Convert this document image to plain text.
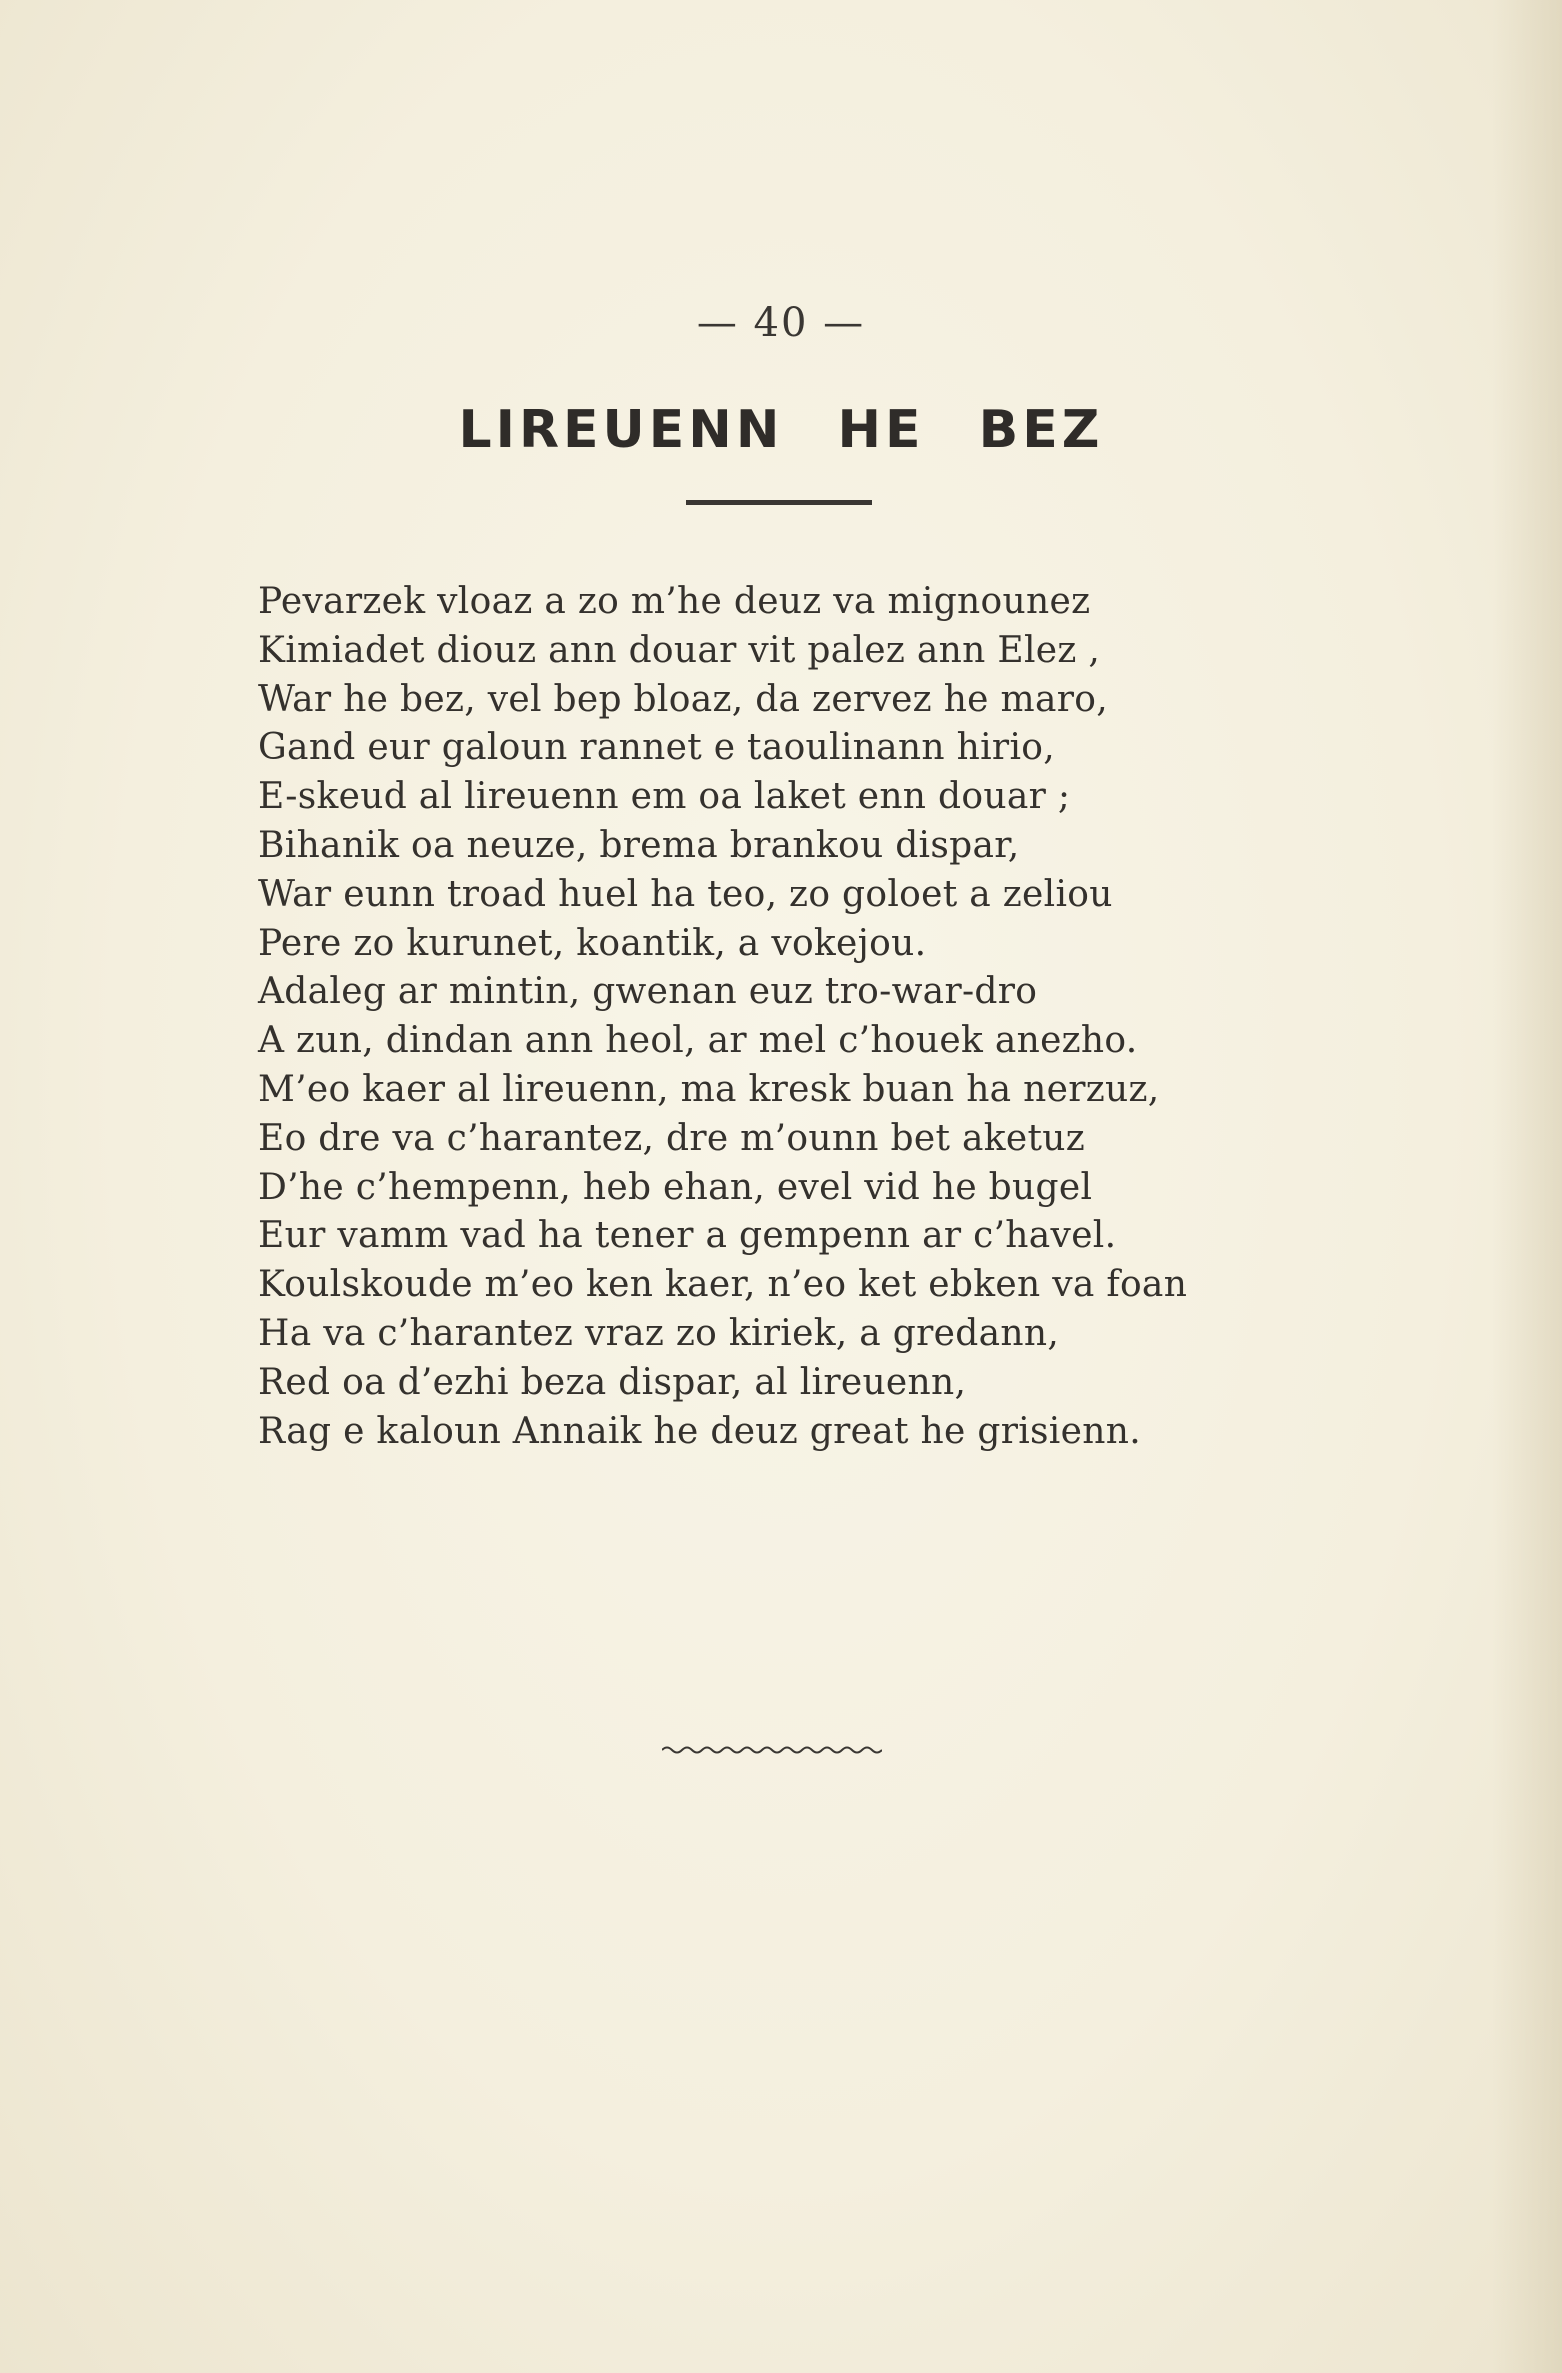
— 40 —
LIREUENN HE BEZ
Pevarzek vloaz a zo m’he deuz va mignounez
Kimiadet diouz ann douar vit palez ann Elez ,
War he bez, vel bep bloaz, da zervez he maro,
Gand eur galoun rannet e taoulinann hirio,
E-skeud al lireuenn em oa laket enn douar ;
Bihanik oa neuze, brema brankou dispar,
War eunn troad huel ha teo, zo goloet a zeliou
Pere zo kurunet, koantik, a vokejou.
Adaleg ar mintin, gwenan euz tro-war-dro
A zun, dindan ann heol, ar mel c’houek anezho.
M’eo kaer al lireuenn, ma kresk buan ha nerzuz,
Eo dre va c’harantez, dre m’ounn bet aketuz
D’he c’hempenn, heb ehan, evel vid he bugel
Eur vamm vad ha tener a gempenn ar c’havel.
Koulskoude m’eo ken kaer, n’eo ket ebken va foan
Ha va c’harantez vraz zo kiriek, a gredann,
Red oa d’ezhi beza dispar, al lireuenn,
Rag e kaloun Annaik he deuz great he grisienn.
